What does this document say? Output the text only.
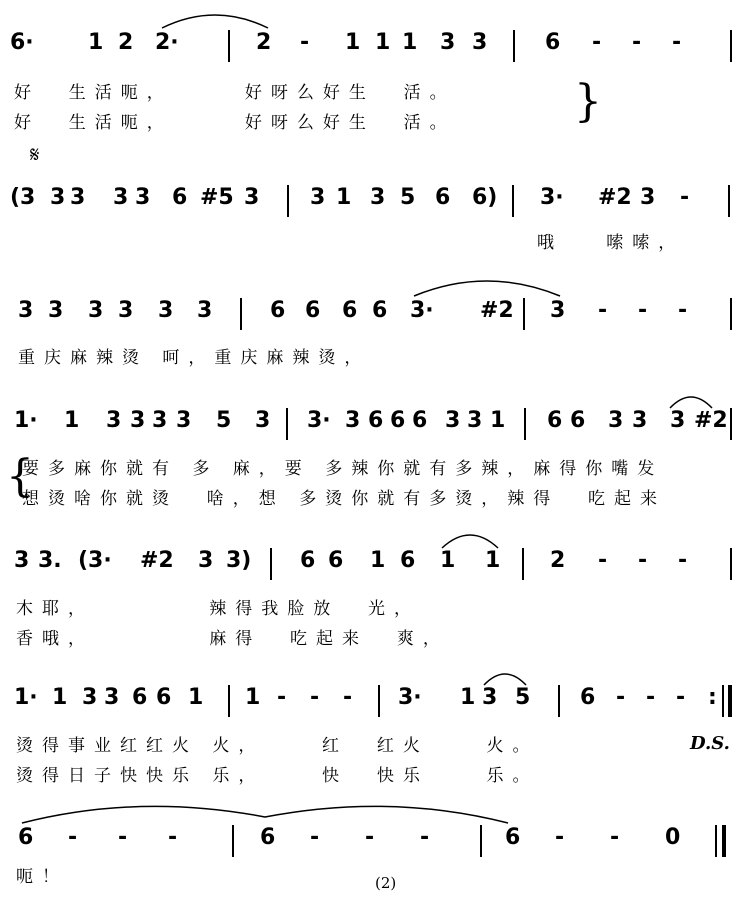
6· 1 2 2·	2 - 1 1 1 3 3	6 - - -
好  生活呃，     好呀么好生  活。
好  生活呃，     好呀么好生  活。	}
𝄋
(3 3 3 3 3 6 #5 3 3 1 3 5 6 6) 3· #2 3 -
哦   嗦嗦，
3 3 3 3 3 3	6 6 6 6 3· #2 3 - - -
重庆麻辣烫 呵，重庆麻辣烫，
1· 1 3 3 3 3 5 3 3· 3 6 6 6 3 3 1 6 6 3 3 3 #2
要多麻你就有 多 麻，要 多辣你就有多辣，麻得你嘴发
想烫啥你就烫  啥，想 多烫你就有多烫，辣得  吃起来
{
3 3. (3· #2 3 3) 6 6 1 6 1 1 2 - - -
木耶，        辣得我脸放  光，
香哦，        麻得  吃起来  爽，
1· 1 3 3 6 6 1 1 - - - 3· 1 3 5 6 - - - :
烫得事业红红火 火，    红  红火    火。
烫得日子快快乐 乐，    快  快乐    乐。
D.S.
6 - - -	6 - - -	6 - - 0
呃！	(2)
